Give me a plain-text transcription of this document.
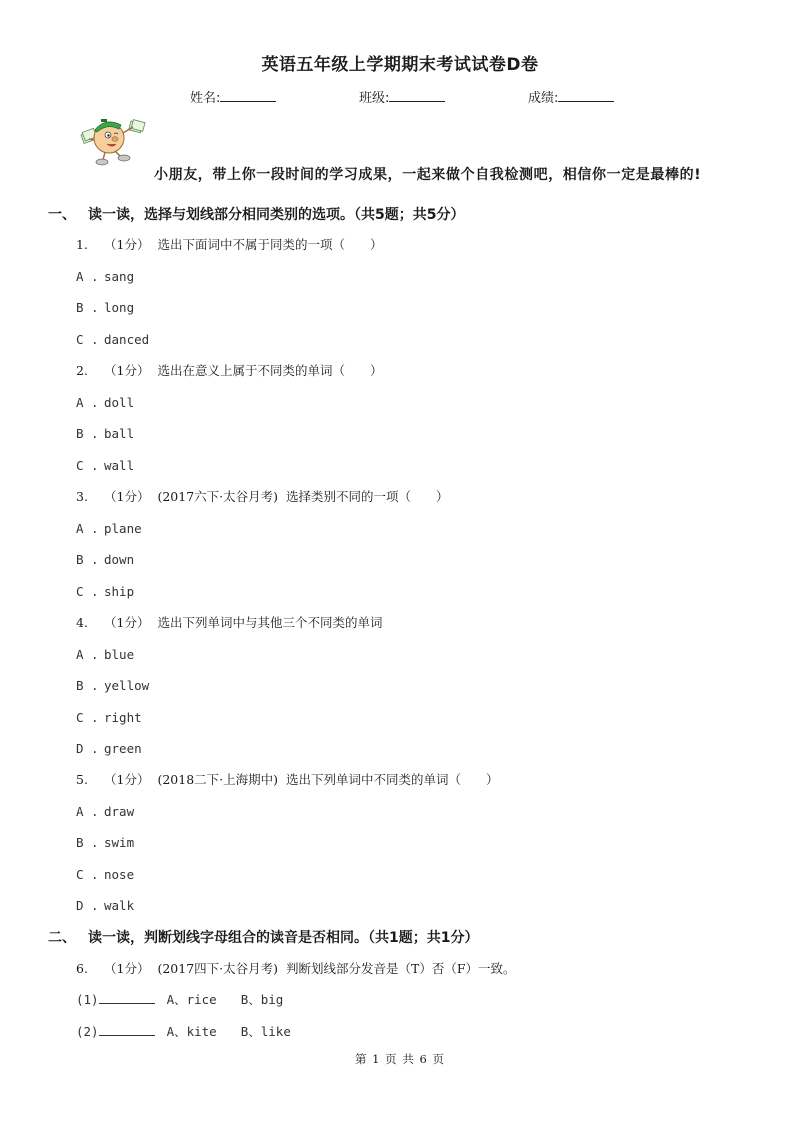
英语五年级上学期期末考试试卷D卷
姓名:	班级:	成绩:
小朋友，带上你一段时间的学习成果，一起来做个自我检测吧，相信你一定是最棒的!
一、 读一读，选择与划线部分相同类别的选项。（共5题；共5分）
1. （1分） 选出下面词中不属于同类的一项（　　）
A . sang
B . long
C . danced
2. （1分） 选出在意义上属于不同类的单词（　　）
A . doll
B . ball
C . wall
3. （1分） (2017六下·太谷月考) 选择类别不同的一项（　　）
A . plane
B . down
C . ship
4. （1分） 选出下列单词中与其他三个不同类的单词
A . blue
B . yellow
C . right
D . green
5. （1分） (2018二下·上海期中) 选出下列单词中不同类的单词（　　）
A . draw
B . swim
C . nose
D . walk
二、 读一读，判断划线字母组合的读音是否相同。（共1题；共1分）
6. （1分） (2017四下·太谷月考) 判断划线部分发音是（T）否（F）一致。
(1)	A、rice B、big
(2)	A、kite B、like
第 1 页 共 6 页
